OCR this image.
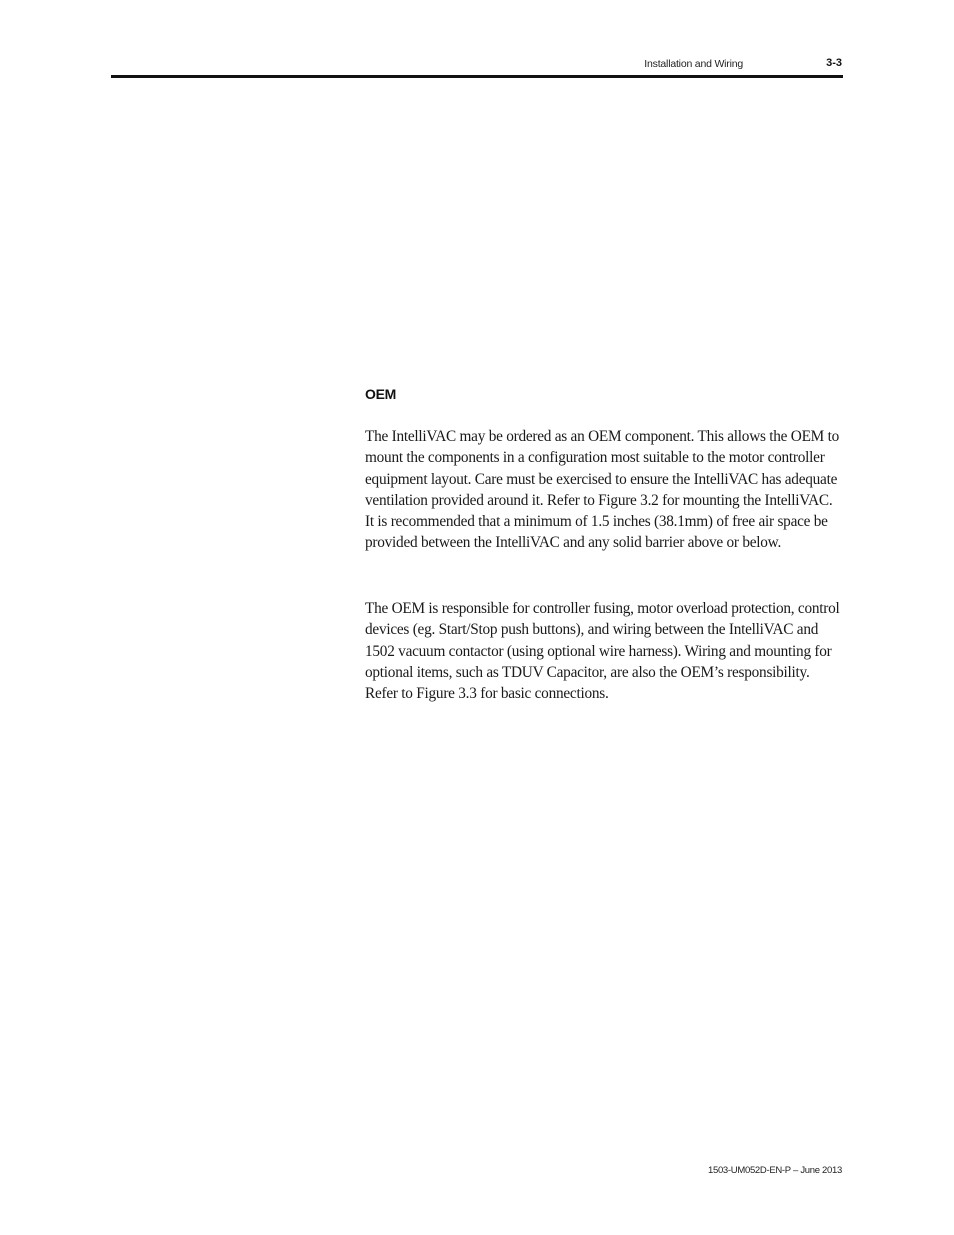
Installation and Wiring	3-3
OEM

The IntelliVAC may be ordered as an OEM component. This allows the OEM to mount the components in a configuration most suitable to the motor controller equipment layout. Care must be exercised to ensure the IntelliVAC has adequate ventilation provided around it. Refer to Figure 3.2 for mounting the IntelliVAC. It is recommended that a minimum of 1.5 inches (38.1mm) of free air space be provided between the IntelliVAC and any solid barrier above or below.

The OEM is responsible for controller fusing, motor overload protection, control devices (eg. Start/Stop push buttons), and wiring between the IntelliVAC and 1502 vacuum contactor (using optional wire harness). Wiring and mounting for optional items, such as TDUV Capacitor, are also the OEM’s responsibility. Refer to Figure 3.3 for basic connections.

1503-UM052D-EN-P – June 2013
